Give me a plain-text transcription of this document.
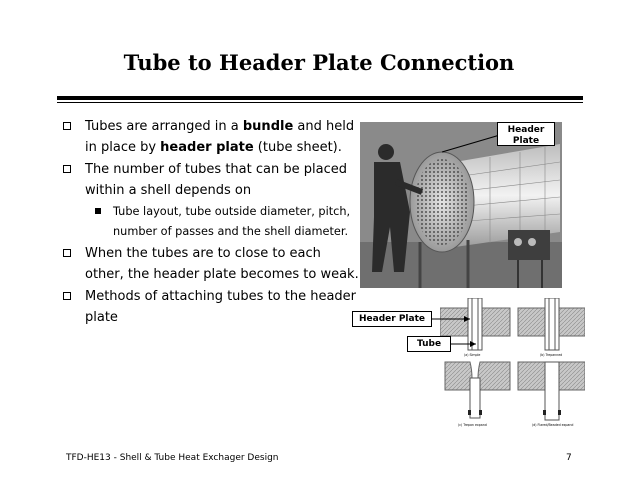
Tube to Header Plate Connection
Tubes are arranged in a bundle and held in place by header plate (tube sheet).
The number of tubes that can be placed within a shell depends on
Tube layout, tube outside diameter, pitch, number of passes and the shell diameter.
When the tubes are to close to each other, the header plate becomes to weak.
Methods of attaching tubes to the header plate
Header Plate
(a) Simple	(b) Trepanned
(c) Trepan expand	(d) Flared/Beaded expand
Header Plate
Tube
TFD-HE13 - Shell & Tube Heat Exchager Design	7
